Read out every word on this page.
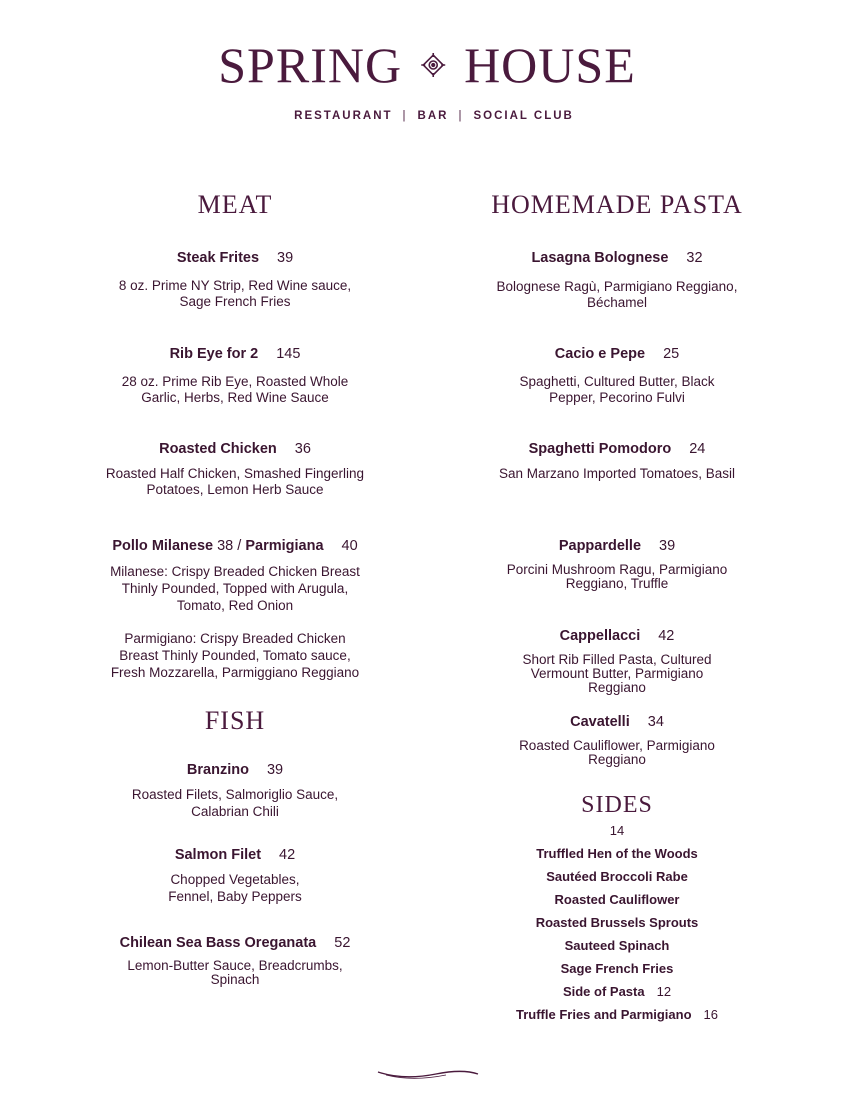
SPRING HOUSE
RESTAURANT | BAR | SOCIAL CLUB
MEAT
Steak Frites 39
8 oz. Prime NY Strip, Red Wine sauce, Sage French Fries
Rib Eye for 2 145
28 oz. Prime Rib Eye, Roasted Whole Garlic, Herbs, Red Wine Sauce
Roasted Chicken 36
Roasted Half Chicken, Smashed Fingerling Potatoes, Lemon Herb Sauce
Pollo Milanese 38 / Parmigiana 40
Milanese: Crispy Breaded Chicken Breast Thinly Pounded, Topped with Arugula, Tomato, Red Onion
Parmigiano: Crispy Breaded Chicken Breast Thinly Pounded, Tomato sauce, Fresh Mozzarella, Parmiggiano Reggiano
FISH
Branzino 39
Roasted Filets, Salmoriglio Sauce, Calabrian Chili
Salmon Filet 42
Chopped Vegetables, Fennel, Baby Peppers
Chilean Sea Bass Oreganata 52
Lemon-Butter Sauce, Breadcrumbs, Spinach
HOMEMADE PASTA
Lasagna Bolognese 32
Bolognese Ragù, Parmigiano Reggiano, Béchamel
Cacio e Pepe 25
Spaghetti, Cultured Butter, Black Pepper, Pecorino Fulvi
Spaghetti Pomodoro 24
San Marzano Imported Tomatoes, Basil
Pappardelle 39
Porcini Mushroom Ragu, Parmigiano Reggiano, Truffle
Cappellacci 42
Short Rib Filled Pasta, Cultured Vermount Butter, Parmigiano Reggiano
Cavatelli 34
Roasted Cauliflower, Parmigiano Reggiano
SIDES
14
Truffled Hen of the Woods
Sautéed Broccoli Rabe
Roasted Cauliflower
Roasted Brussels Sprouts
Sauteed Spinach
Sage French Fries
Side of Pasta 12
Truffle Fries and Parmigiano 16
